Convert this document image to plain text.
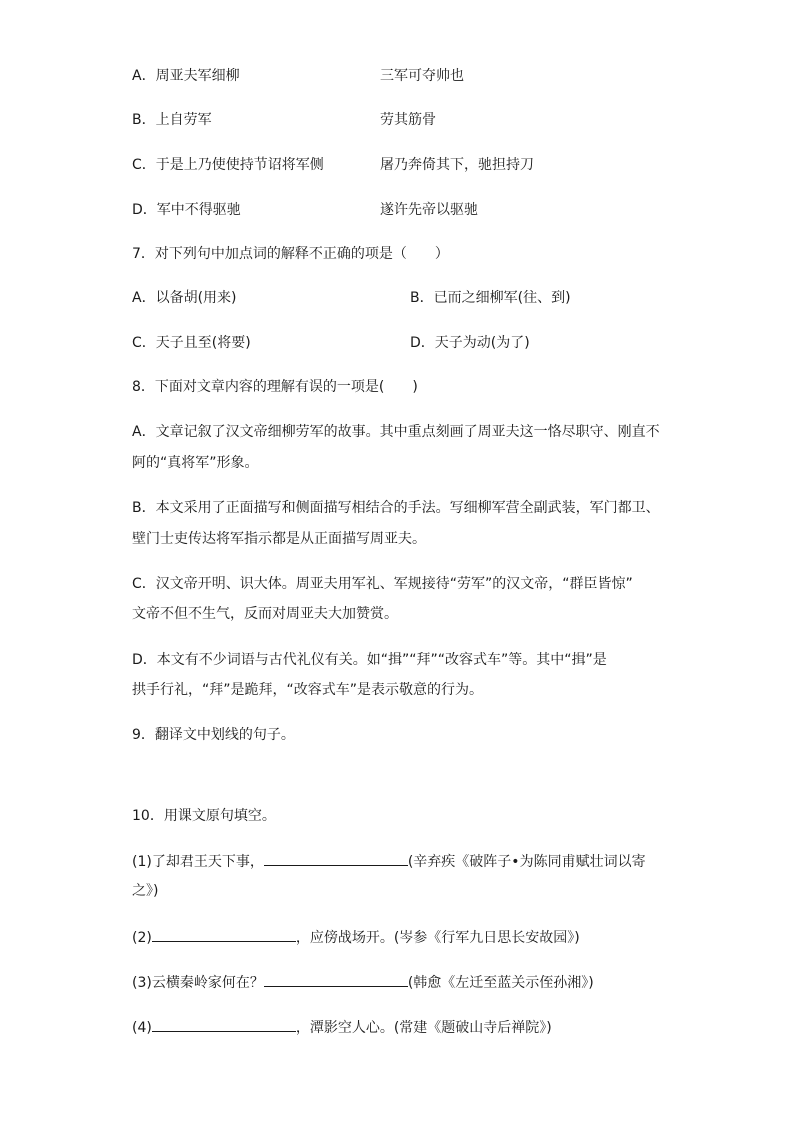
A．周亚夫军细柳	三军可夺帅也
B．上自劳军	劳其筋骨
C．于是上乃使使持节诏将军侧	屠乃奔倚其下，驰担持刀
D．军中不得驱驰	遂许先帝以驱驰
7．对下列句中加点词的解释不正确的项是（　　）
A．以备胡(用来)	B．已而之细柳军(往、到)
C．天子且至(将要)	D．天子为动(为了)
8．下面对文章内容的理解有误的一项是(　　)
A．文章记叙了汉文帝细柳劳军的故事。其中重点刻画了周亚夫这一恪尽职守、刚直不
阿的“真将军”形象。
B．本文采用了正面描写和侧面描写相结合的手法。写细柳军营全副武装，军门都卫、
壁门士吏传达将军指示都是从正面描写周亚夫。
C．汉文帝开明、识大体。周亚夫用军礼、军规接待“劳军”的汉文帝，“群臣皆惊”
文帝不但不生气，反而对周亚夫大加赞赏。
D．本文有不少词语与古代礼仪有关。如“揖”“拜”“改容式车”等。其中“揖”是
拱手行礼，“拜”是跪拜，“改容式车”是表示敬意的行为。
9．翻译文中划线的句子。
10．用课文原句填空。
(1)了却君王天下事，	(辛弃疾《破阵子•为陈同甫赋壮词以寄
之》)
(2)	，应傍战场开。(岑参《行军九日思长安故园》)
(3)云横秦岭家何在？	(韩愈《左迁至蓝关示侄孙湘》)
(4)	，潭影空人心。(常建《题破山寺后禅院》)
